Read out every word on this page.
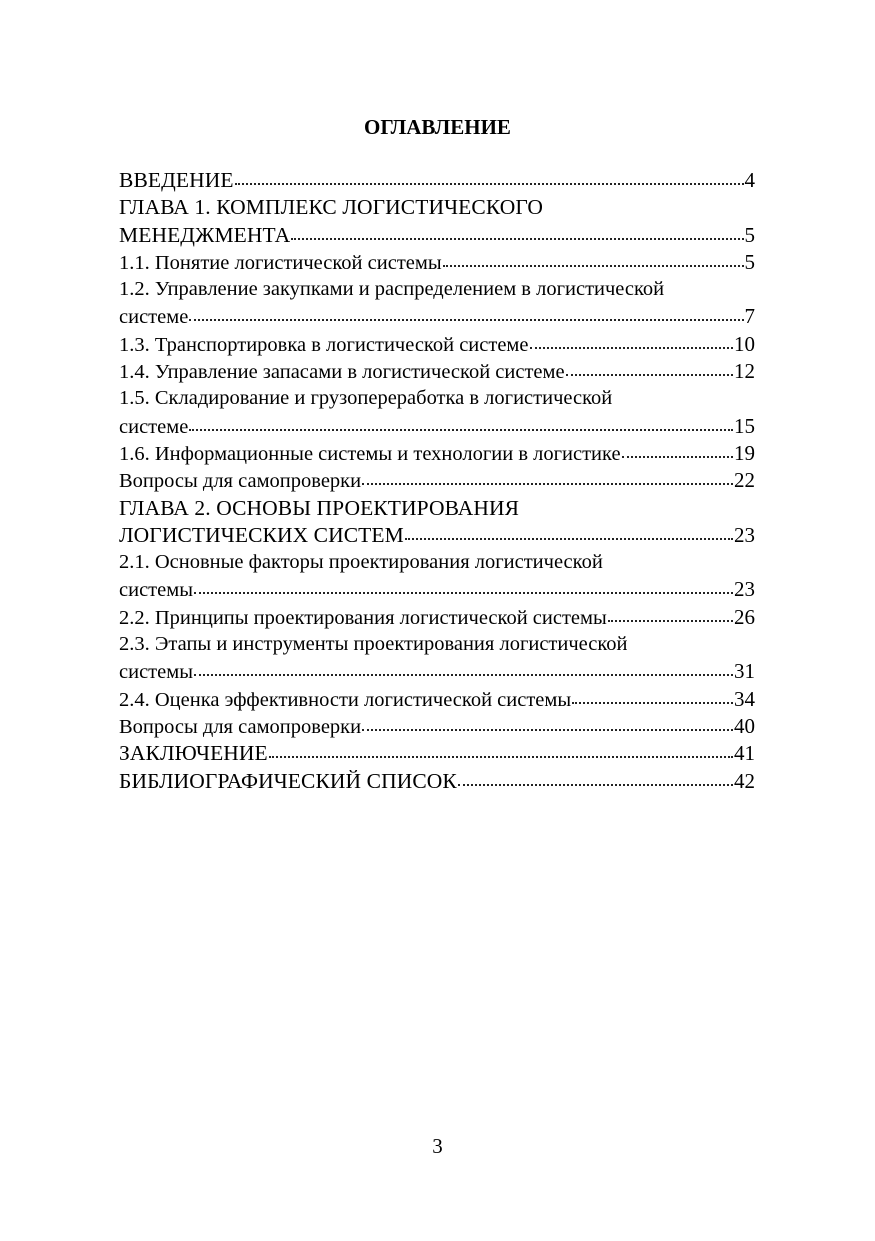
ОГЛАВЛЕНИЕ
ВВЕДЕНИЕ	4
ГЛАВА 1. КОМПЛЕКС ЛОГИСТИЧЕСКОГО
МЕНЕДЖМЕНТА	5
1.1. Понятие логистической системы	5
1.2. Управление закупками и распределением в логистической
системе	7
1.3. Транспортировка в логистической системе	10
1.4. Управление запасами в логистической системе	12
1.5. Складирование и грузопереработка в логистической
системе	15
1.6. Информационные системы и технологии в логистике	19
Вопросы для самопроверки	22
ГЛАВА 2. ОСНОВЫ ПРОЕКТИРОВАНИЯ
ЛОГИСТИЧЕСКИХ СИСТЕМ	23
2.1. Основные факторы проектирования логистической
системы	23
2.2. Принципы проектирования логистической системы	26
2.3. Этапы и инструменты проектирования логистической
системы	31
2.4. Оценка эффективности логистической системы	34
Вопросы для самопроверки	40
ЗАКЛЮЧЕНИЕ	41
БИБЛИОГРАФИЧЕСКИЙ СПИСОК	42
3
